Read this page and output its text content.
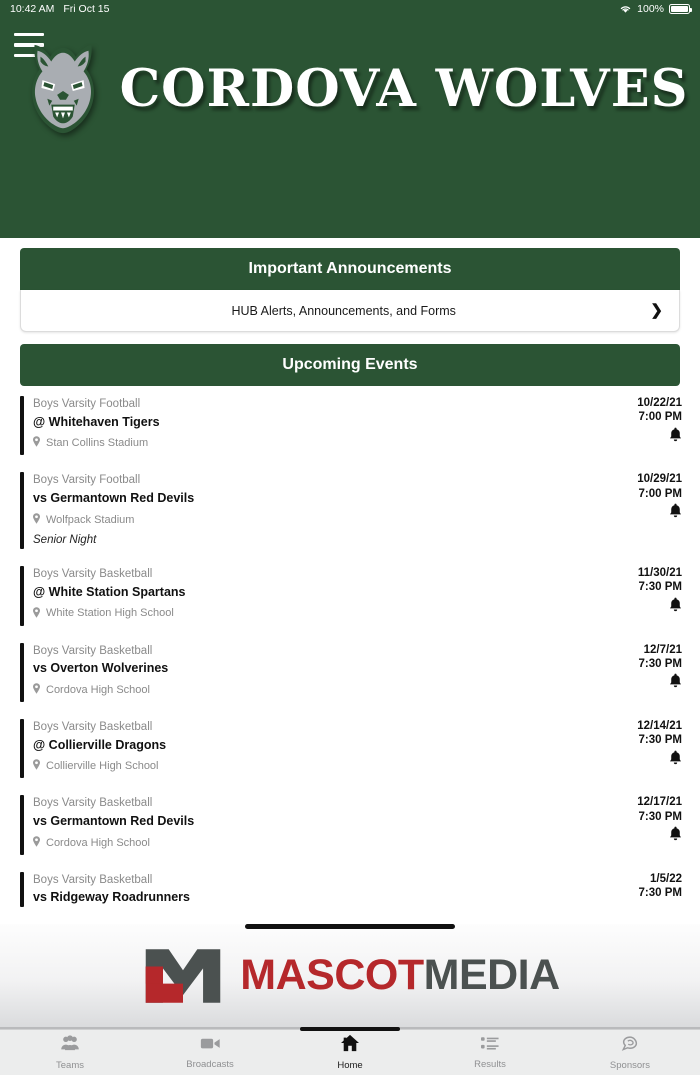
10:42 AM Fri Oct 15	100%
CORDOVA WOLVES
Important Announcements
HUB Alerts, Announcements, and Forms	❯
Upcoming Events
Boys Varsity Football
@ Whitehaven Tigers
Stan Collins Stadium
10/22/21
7:00 PM
Boys Varsity Football
vs Germantown Red Devils
Wolfpack Stadium
Senior Night
10/29/21
7:00 PM
Boys Varsity Basketball
@ White Station Spartans
White Station High School
11/30/21
7:30 PM
Boys Varsity Basketball
vs Overton Wolverines
Cordova High School
12/7/21
7:30 PM
Boys Varsity Basketball
@ Collierville Dragons
Collierville High School
12/14/21
7:30 PM
Boys Varsity Basketball
vs Germantown Red Devils
Cordova High School
12/17/21
7:30 PM
Boys Varsity Basketball
vs Ridgeway Roadrunners
1/5/22
7:30 PM
MASCOTMEDIA
Teams	Broadcasts	Home	Results	Sponsors
